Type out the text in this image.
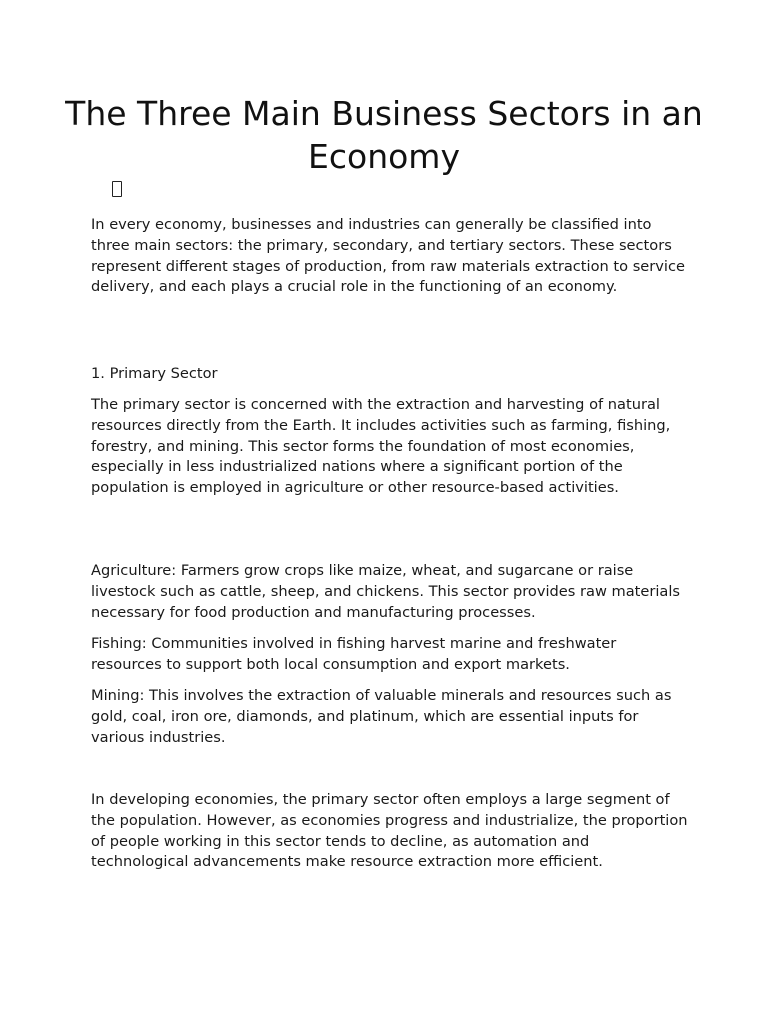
The Three Main Business Sectors in an Economy

In every economy, businesses and industries can generally be classified into three main sectors: the primary, secondary, and tertiary sectors. These sectors represent different stages of production, from raw materials extraction to service delivery, and each plays a crucial role in the functioning of an economy.

1. Primary Sector

The primary sector is concerned with the extraction and harvesting of natural resources directly from the Earth. It includes activities such as farming, fishing, forestry, and mining. This sector forms the foundation of most economies, especially in less industrialized nations where a significant portion of the population is employed in agriculture or other resource-based activities.

Agriculture: Farmers grow crops like maize, wheat, and sugarcane or raise livestock such as cattle, sheep, and chickens. This sector provides raw materials necessary for food production and manufacturing processes.

Fishing: Communities involved in fishing harvest marine and freshwater resources to support both local consumption and export markets.

Mining: This involves the extraction of valuable minerals and resources such as gold, coal, iron ore, diamonds, and platinum, which are essential inputs for various industries.

In developing economies, the primary sector often employs a large segment of the population. However, as economies progress and industrialize, the proportion of people working in this sector tends to decline, as automation and technological advancements make resource extraction more efficient.
